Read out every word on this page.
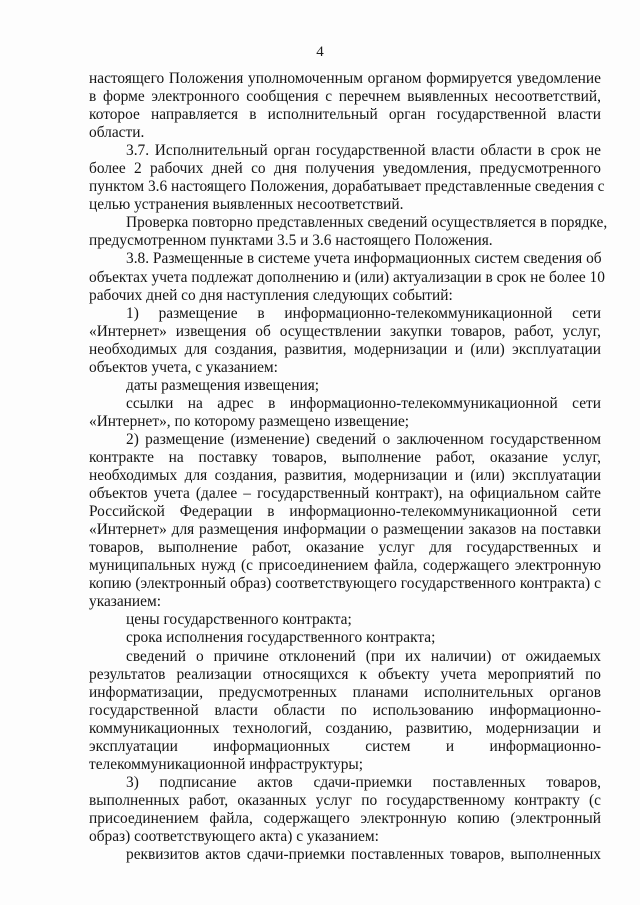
4
настоящего Положения уполномоченным органом формируется уведомление
в форме электронного сообщения с перечнем выявленных несоответствий,
которое направляется в исполнительный орган государственной власти
области.
3.7. Исполнительный орган государственной власти области в срок не
более 2 рабочих дней со дня получения уведомления, предусмотренного
пунктом 3.6 настоящего Положения, дорабатывает представленные сведения с
целью устранения выявленных несоответствий.
Проверка повторно представленных сведений осуществляется в порядке,
предусмотренном пунктами 3.5 и 3.6 настоящего Положения.
3.8. Размещенные в системе учета информационных систем сведения об
объектах учета подлежат дополнению и (или) актуализации в срок не более 10
рабочих дней со дня наступления следующих событий:
1) размещение в информационно-телекоммуникационной сети
«Интернет» извещения об осуществлении закупки товаров, работ, услуг,
необходимых для создания, развития, модернизации и (или) эксплуатации
объектов учета, с указанием:
даты размещения извещения;
ссылки на адрес в информационно-телекоммуникационной сети
«Интернет», по которому размещено извещение;
2) размещение (изменение) сведений о заключенном государственном
контракте на поставку товаров, выполнение работ, оказание услуг,
необходимых для создания, развития, модернизации и (или) эксплуатации
объектов учета (далее – государственный контракт), на официальном сайте
Российской Федерации в информационно-телекоммуникационной сети
«Интернет» для размещения информации о размещении заказов на поставки
товаров, выполнение работ, оказание услуг для государственных и
муниципальных нужд (с присоединением файла, содержащего электронную
копию (электронный образ) соответствующего государственного контракта) с
указанием:
цены государственного контракта;
срока исполнения государственного контракта;
сведений о причине отклонений (при их наличии) от ожидаемых
результатов реализации относящихся к объекту учета мероприятий по
информатизации, предусмотренных планами исполнительных органов
государственной власти области по использованию информационно-
коммуникационных технологий, созданию, развитию, модернизации и
эксплуатации информационных систем и информационно-
телекоммуникационной инфраструктуры;
3) подписание актов сдачи-приемки поставленных товаров,
выполненных работ, оказанных услуг по государственному контракту (с
присоединением файла, содержащего электронную копию (электронный
образ) соответствующего акта) с указанием:
реквизитов актов сдачи-приемки поставленных товаров, выполненных
